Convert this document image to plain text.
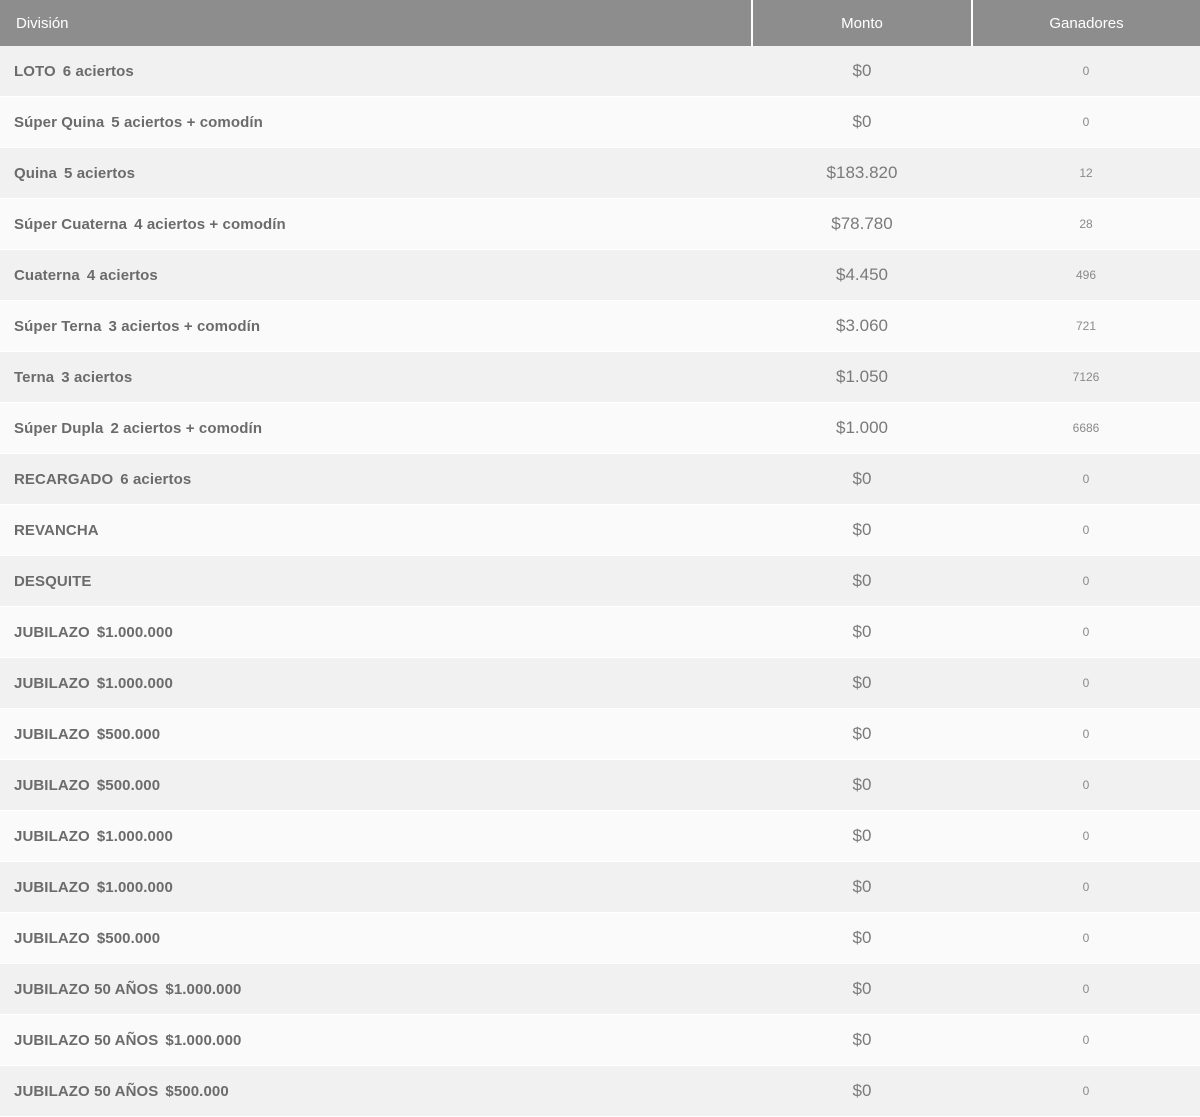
División	Monto	Ganadores
LOTO 6 aciertos	$0	0
Súper Quina 5 aciertos + comodín	$0	0
Quina 5 aciertos	$183.820	12
Súper Cuaterna 4 aciertos + comodín	$78.780	28
Cuaterna 4 aciertos	$4.450	496
Súper Terna 3 aciertos + comodín	$3.060	721
Terna 3 aciertos	$1.050	7126
Súper Dupla 2 aciertos + comodín	$1.000	6686
RECARGADO 6 aciertos	$0	0
REVANCHA	$0	0
DESQUITE	$0	0
JUBILAZO $1.000.000	$0	0
JUBILAZO $1.000.000	$0	0
JUBILAZO $500.000	$0	0
JUBILAZO $500.000	$0	0
JUBILAZO $1.000.000	$0	0
JUBILAZO $1.000.000	$0	0
JUBILAZO $500.000	$0	0
JUBILAZO 50 AÑOS $1.000.000	$0	0
JUBILAZO 50 AÑOS $1.000.000	$0	0
JUBILAZO 50 AÑOS $500.000	$0	0
